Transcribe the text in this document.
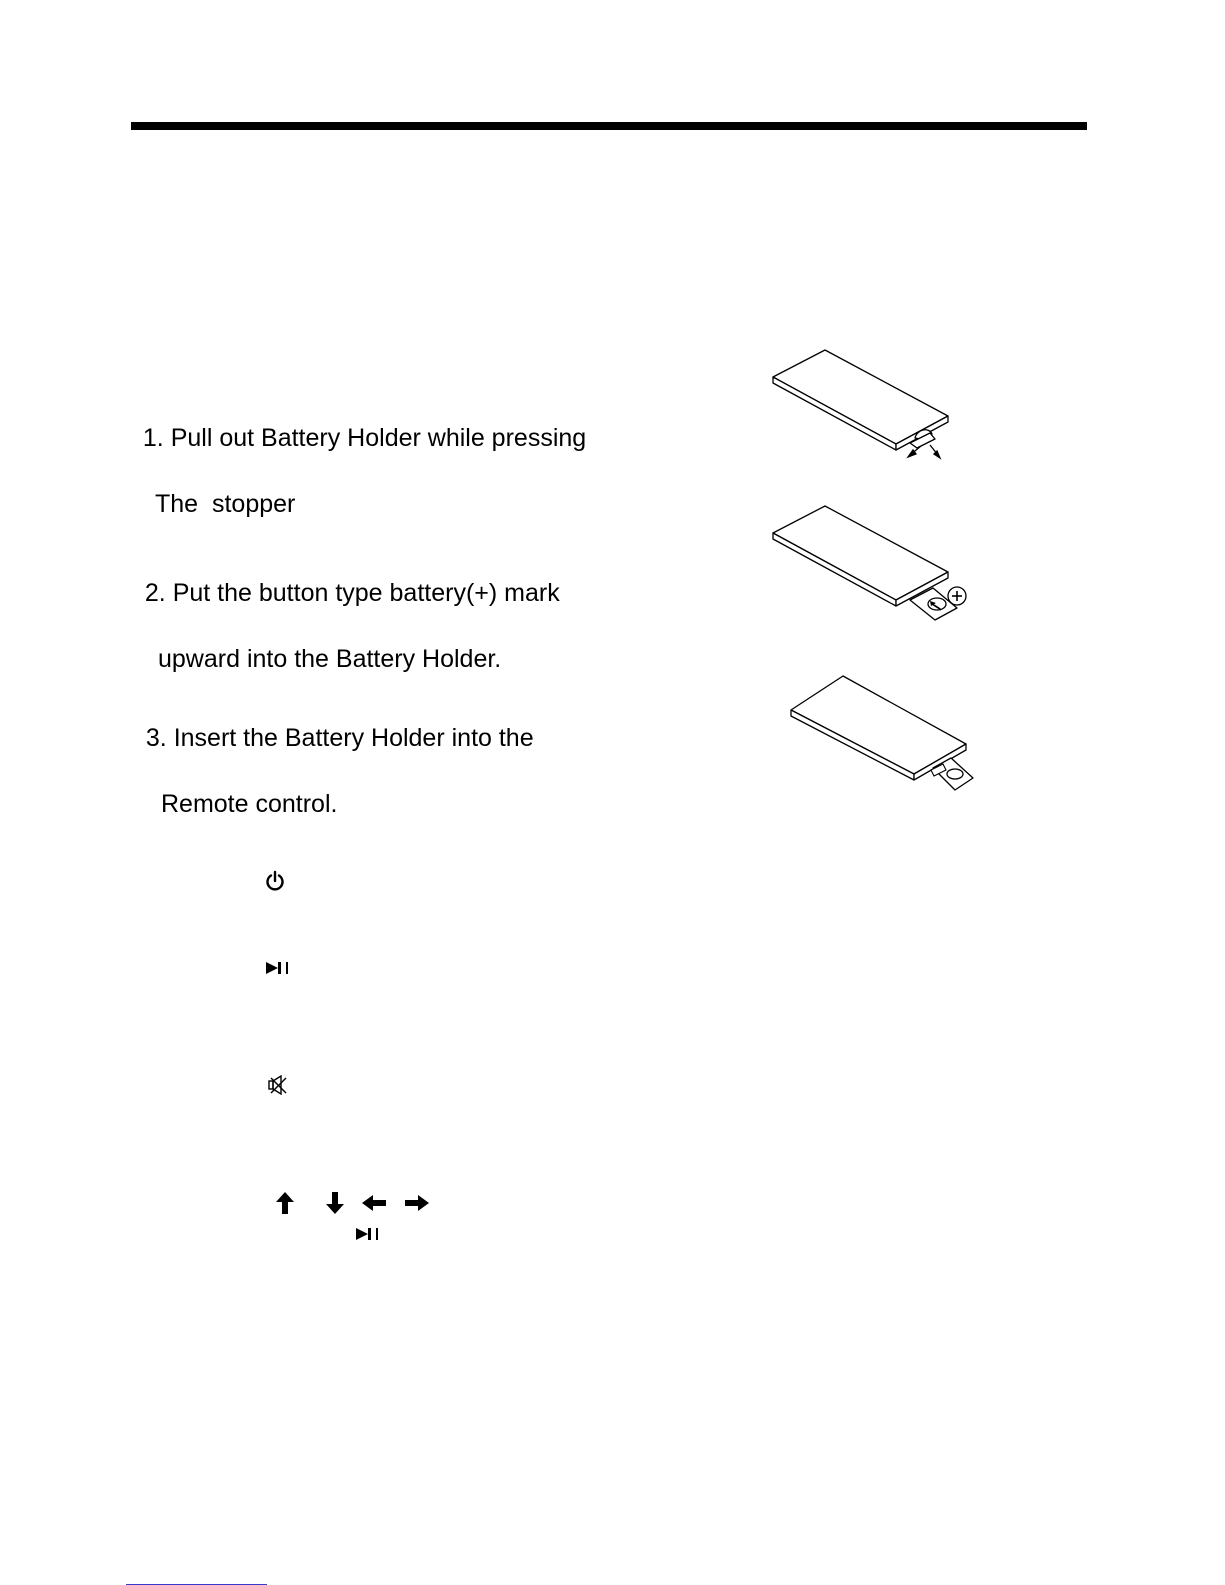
1. Pull out Battery Holder while pressing

The  stopper

2. Put the button type battery(+) mark

upward into the Battery Holder.

3. Insert the Battery Holder into the

Remote control.
